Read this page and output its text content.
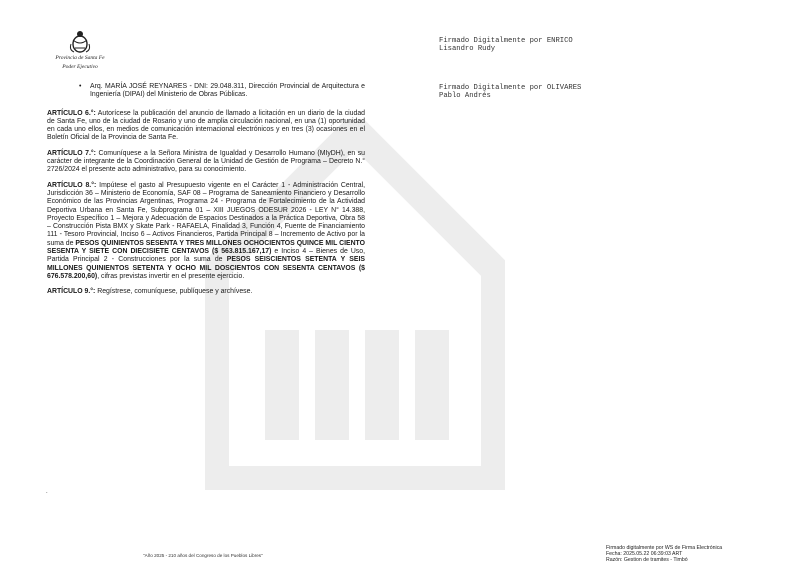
Provincia de Santa Fe
Poder Ejecutivo
Firmado Digitalmente por ENRICO
Lisandro Rudy
Firmado Digitalmente por OLIVARES
Pablo Andrés

•	Arq. MARÍA JOSÉ REYNARES - DNI: 29.048.311, Dirección Provincial de Arquitectura e Ingeniería (DIPAI) del Ministerio de Obras Públicas.

ARTÍCULO 6.°: Autorícese la publicación del anuncio de llamado a licitación en un diario de la ciudad de Santa Fe, uno de la ciudad de Rosario y uno de amplia circulación nacional, en una (1) oportunidad en cada uno ellos, en medios de comunicación internacional electrónicos y en tres (3) ocasiones en el Boletín Oficial de la Provincia de Santa Fe.

ARTÍCULO 7.°: Comuníquese a la Señora Ministra de Igualdad y Desarrollo Humano (MIyDH), en su carácter de integrante de la Coordinación General de la Unidad de Gestión de Programa – Decreto N.° 2726/2024 el presente acto administrativo, para su conocimiento.

ARTÍCULO 8.°: Impútese el gasto al Presupuesto vigente en el Carácter 1 - Administración Central, Jurisdicción 36 – Ministerio de Economía, SAF 08 – Programa de Saneamiento Financiero y Desarrollo Económico de las Provincias Argentinas, Programa 24 - Programa de Fortalecimiento de la Actividad Deportiva Urbana en Santa Fe, Subprograma 01 – XIII JUEGOS ODESUR 2026 - LEY N° 14.388, Proyecto Específico 1 – Mejora y Adecuación de Espacios Destinados a la Práctica Deportiva, Obra 58 – Construcción Pista BMX y Skate Park - RAFAELA, Finalidad 3, Función 4, Fuente de Financiamiento 111 - Tesoro Provincial, Inciso 6 – Activos Financieros, Partida Principal 8 – Incremento de Activo por la suma de PESOS QUINIENTOS SESENTA Y TRES MILLONES OCHOCIENTOS QUINCE MIL CIENTO SESENTA Y SIETE CON DIECISIETE CENTAVOS ($ 563.815.167,17) e Inciso 4 – Bienes de Uso, Partida Principal 2 - Construcciones por la suma de PESOS SEISCIENTOS SETENTA Y SEIS MILLONES QUINIENTOS SETENTA Y OCHO MIL DOSCIENTOS CON SESENTA CENTAVOS ($ 676.578.200,60), cifras previstas invertir en el presente ejercicio.

ARTÍCULO 9.°: Regístrese, comuníquese, publíquese y archívese.

.
"Año 2025 - 210 años del Congreso de los Pueblos Libres"
Firmado digitalmente por WS de Firma Electrónica
Fecha: 2025.05.22 06:39:03 ART
Razón: Gestion de tramites - Timbó
